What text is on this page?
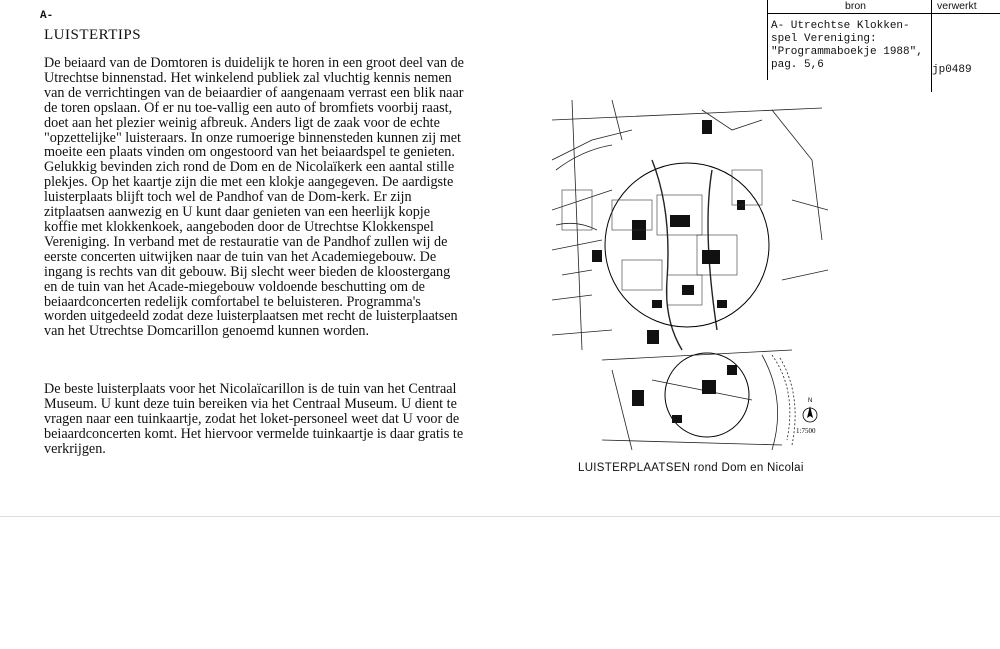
A-
LUISTERTIPS

De beiaard van de Domtoren is duidelijk te horen in een groot deel van de Utrechtse binnenstad. Het winkelend publiek zal vluchtig kennis nemen van de verrichtingen van de beiaardier of aangenaam verrast een blik naar de toren opslaan. Of er nu toe-vallig een auto of bromfiets voorbij raast, doet aan het plezier weinig afbreuk. Anders ligt de zaak voor de echte "opzettelijke" luisteraars. In onze rumoerige binnensteden kunnen zij met moeite een plaats vinden om ongestoord van het beiaardspel te genieten. Gelukkig bevinden zich rond de Dom en de Nicolaïkerk een aantal stille plekjes. Op het kaartje zijn die met een klokje aangegeven. De aardigste luisterplaats blijft toch wel de Pandhof van de Dom-kerk. Er zijn zitplaatsen aanwezig en U kunt daar genieten van een heerlijk kopje koffie met klokkenkoek, aangeboden door de Utrechtse Klokkenspel Vereniging. In verband met de restauratie van de Pandhof zullen wij de eerste concerten uitwijken naar de tuin van het Academiegebouw. De ingang is rechts van dit gebouw. Bij slecht weer bieden de kloostergang en de tuin van het Acade-miegebouw voldoende beschutting om de beiaardconcerten redelijk comfortabel te beluisteren. Programma's worden uitgedeeld zodat deze luisterplaatsen met recht de luisterplaatsen van het Utrechtse Domcarillon genoemd kunnen worden.

De beste luisterplaats voor het Nicolaïcarillon is de tuin van het Centraal Museum. U kunt deze tuin bereiken via het Centraal Museum. U dient te vragen naar een tuinkaartje, zodat het loket-personeel weet dat U voor de beiaardconcerten komt. Het hiervoor vermelde tuinkaartje is daar gratis te verkrijgen.

bron	verwerkt
A- Utrechtse Klokken-
spel Vereniging:
"Programmaboekje 1988",
pag. 5,6	jp0489
N
1:7500
LUISTERPLAATSEN rond Dom en Nicolai
